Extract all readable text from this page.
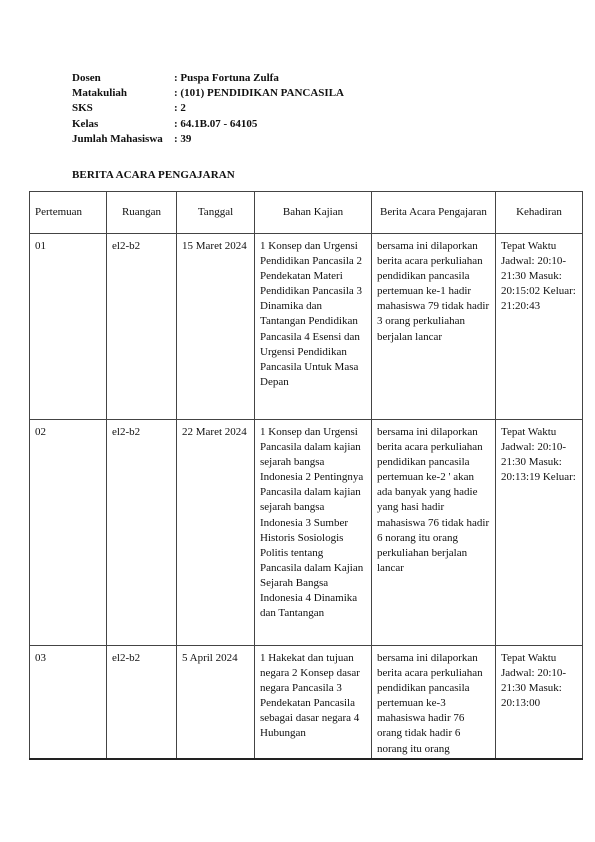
Dosen	: Puspa Fortuna Zulfa
Matakuliah	: (101) PENDIDIKAN PANCASILA
SKS	: 2
Kelas	: 64.1B.07 - 64105
Jumlah Mahasiswa	: 39
BERITA ACARA PENGAJARAN
Pertemuan	Ruangan	Tanggal	Bahan Kajian	Berita Acara Pengajaran	Kehadiran
01	el2-b2	15 Maret 2024	1 Konsep dan Urgensi Pendidikan Pancasila 2 Pendekatan Materi Pendidikan Pancasila 3 Dinamika dan Tantangan Pendidikan Pancasila 4 Esensi dan Urgensi Pendidikan Pancasila Untuk Masa Depan	bersama ini dilaporkan berita acara perkuliahan pendidikan pancasila pertemuan ke-1 hadir mahasiswa 79 tidak hadir 3 orang perkuliahan berjalan lancar	Tepat Waktu Jadwal: 20:10-21:30 Masuk: 20:15:02 Keluar: 21:20:43
02	el2-b2	22 Maret 2024	1 Konsep dan Urgensi Pancasila dalam kajian sejarah bangsa Indonesia 2 Pentingnya Pancasila dalam kajian sejarah bangsa Indonesia 3 Sumber Historis Sosiologis Politis tentang Pancasila dalam Kajian Sejarah Bangsa Indonesia 4 Dinamika dan Tantangan	bersama ini dilaporkan berita acara perkuliahan pendidikan pancasila pertemuan ke-2 ' akan ada banyak yang hadie yang hasi hadir mahasiswa 76 tidak hadir 6 norang itu orang perkuliahan berjalan lancar	Tepat Waktu Jadwal: 20:10-21:30 Masuk: 20:13:19 Keluar:
03	el2-b2	5 April 2024	1 Hakekat dan tujuan negara 2 Konsep dasar negara Pancasila 3 Pendekatan Pancasila sebagai dasar negara 4 Hubungan	bersama ini dilaporkan berita acara perkuliahan pendidikan pancasila pertemuan ke-3 mahasiswa hadir 76 orang tidak hadir 6 norang itu orang	Tepat Waktu Jadwal: 20:10-21:30 Masuk: 20:13:00
